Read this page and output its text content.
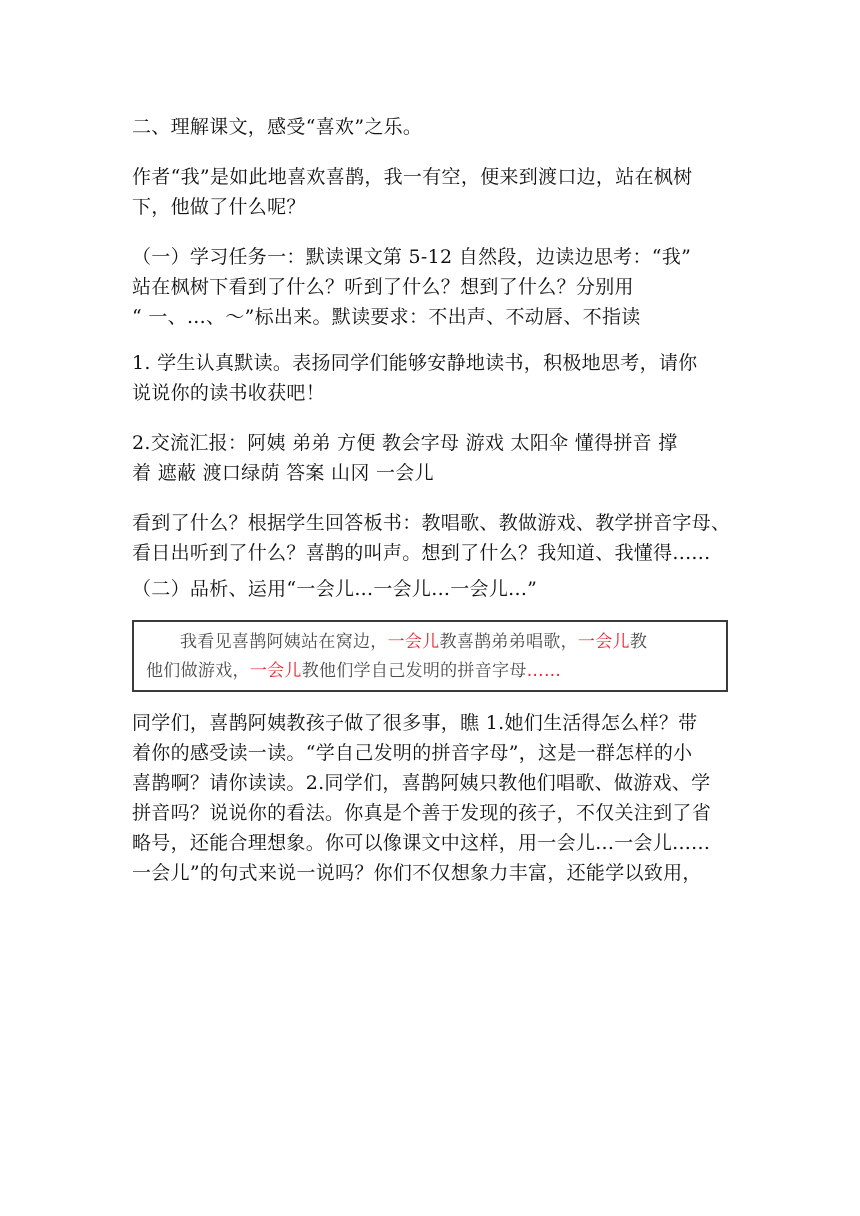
二、理解课文，感受“喜欢”之乐。

作者“我”是如此地喜欢喜鹊，我一有空，便来到渡口边，站在枫树
下，他做了什么呢？

（一）学习任务一：默读课文第 5-12 自然段，边读边思考：“我”
站在枫树下看到了什么？听到了什么？想到了什么？分别用
“ 一、...、～”标出来。默读要求：不出声、不动唇、不指读

1. 学生认真默读。表扬同学们能够安静地读书，积极地思考，请你
说说你的读书收获吧！

2.交流汇报：阿姨 弟弟 方便 教会字母 游戏 太阳伞 懂得拼音 撑
着 遮蔽 渡口绿荫 答案 山冈 一会儿

看到了什么？根据学生回答板书：教唱歌、教做游戏、教学拼音字母、
看日出听到了什么？喜鹊的叫声。想到了什么？我知道、我懂得......

（二）品析、运用“一会儿...一会儿...一会儿...”

我看见喜鹊阿姨站在窝边，一会儿教喜鹊弟弟唱歌，一会儿教
他们做游戏，一会儿教他们学自己发明的拼音字母……

同学们，喜鹊阿姨教孩子做了很多事，瞧 1.她们生活得怎么样？带
着你的感受读一读。“学自己发明的拼音字母”，这是一群怎样的小
喜鹊啊？请你读读。2.同学们，喜鹊阿姨只教他们唱歌、做游戏、学
拼音吗？说说你的看法。你真是个善于发现的孩子，不仅关注到了省
略号，还能合理想象。你可以像课文中这样，用一会儿...一会儿......
一会儿”的句式来说一说吗？你们不仅想象力丰富，还能学以致用，
